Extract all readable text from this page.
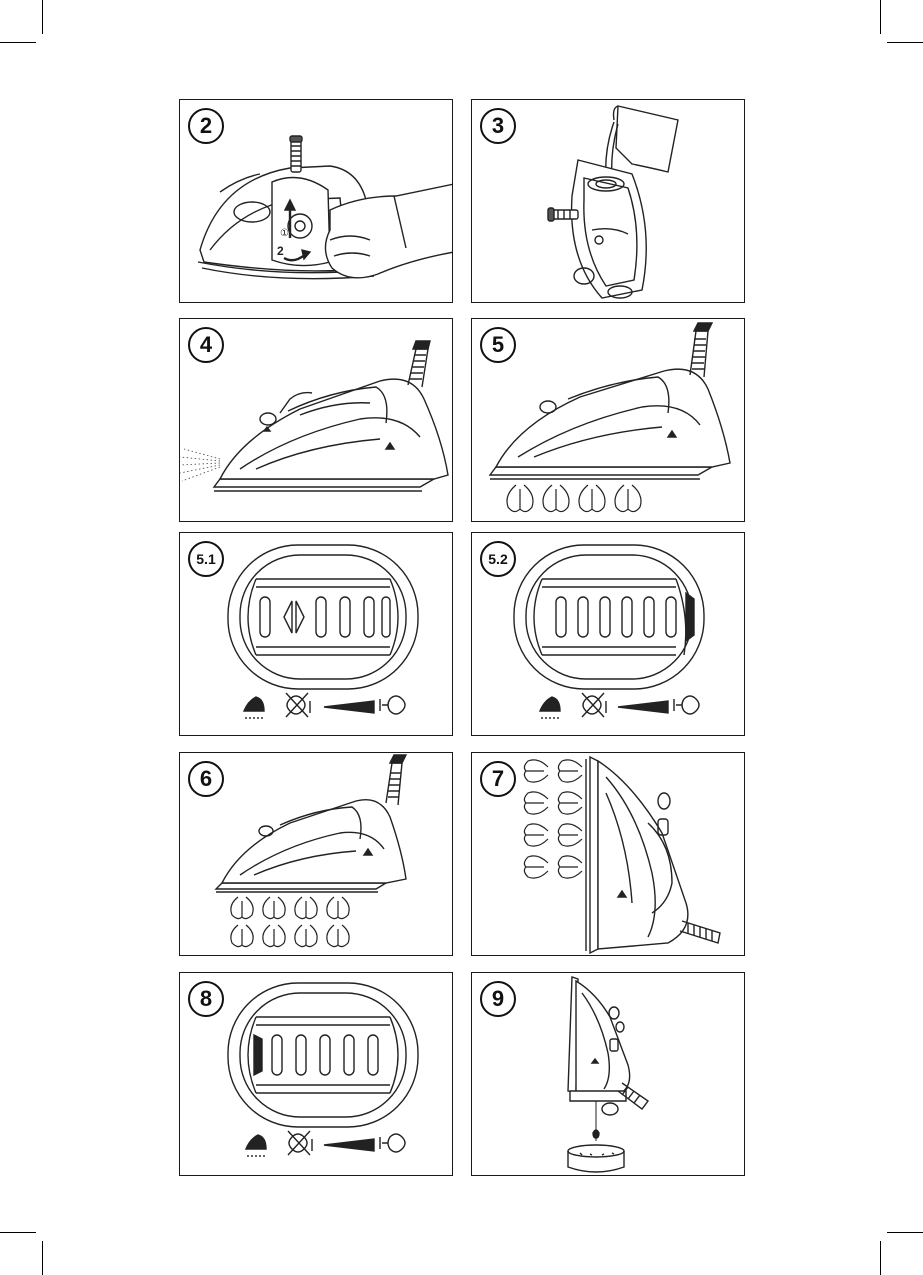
①
2
2	3
4	5
5.1	5.2
6	7
8	9
